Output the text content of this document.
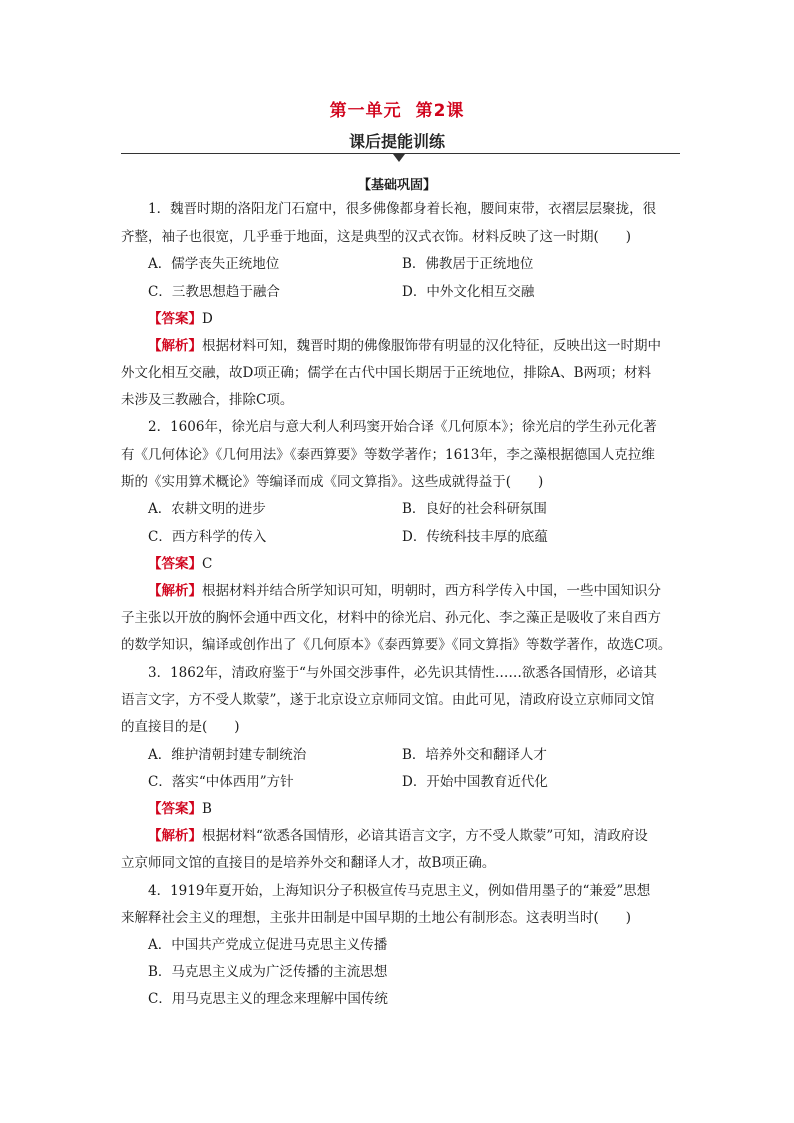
第一单元 第2课
课后提能训练
【基础巩固】
1．魏晋时期的洛阳龙门石窟中，很多佛像都身着长袍，腰间束带，衣褶层层聚拢，很
齐整，袖子也很宽，几乎垂于地面，这是典型的汉式衣饰。材料反映了这一时期(　　)
A．儒学丧失正统地位	B．佛教居于正统地位
C．三教思想趋于融合	D．中外文化相互交融
【答案】D
【解析】根据材料可知，魏晋时期的佛像服饰带有明显的汉化特征，反映出这一时期中
外文化相互交融，故D项正确；儒学在古代中国长期居于正统地位，排除A、B两项；材料
未涉及三教融合，排除C项。
2．1606年，徐光启与意大利人利玛窦开始合译《几何原本》；徐光启的学生孙元化著
有《几何体论》《几何用法》《泰西算要》等数学著作；1613年，李之藻根据德国人克拉维
斯的《实用算术概论》等编译而成《同文算指》。这些成就得益于(　　)
A．农耕文明的进步	B．良好的社会科研氛围
C．西方科学的传入	D．传统科技丰厚的底蕴
【答案】C
【解析】根据材料并结合所学知识可知，明朝时，西方科学传入中国，一些中国知识分
子主张以开放的胸怀会通中西文化，材料中的徐光启、孙元化、李之藻正是吸收了来自西方
的数学知识，编译或创作出了《几何原本》《泰西算要》《同文算指》等数学著作，故选C项。
3．1862年，清政府鉴于“与外国交涉事件，必先识其情性……欲悉各国情形，必谙其
语言文字，方不受人欺蒙”，遂于北京设立京师同文馆。由此可见，清政府设立京师同文馆
的直接目的是(　　)
A．维护清朝封建专制统治	B．培养外交和翻译人才
C．落实“中体西用”方针	D．开始中国教育近代化
【答案】B
【解析】根据材料“欲悉各国情形，必谙其语言文字，方不受人欺蒙”可知，清政府设
立京师同文馆的直接目的是培养外交和翻译人才，故B项正确。
4．1919年夏开始，上海知识分子积极宣传马克思主义，例如借用墨子的“兼爱”思想
来解释社会主义的理想，主张井田制是中国早期的土地公有制形态。这表明当时(　　)
A．中国共产党成立促进马克思主义传播
B．马克思主义成为广泛传播的主流思想
C．用马克思主义的理念来理解中国传统
